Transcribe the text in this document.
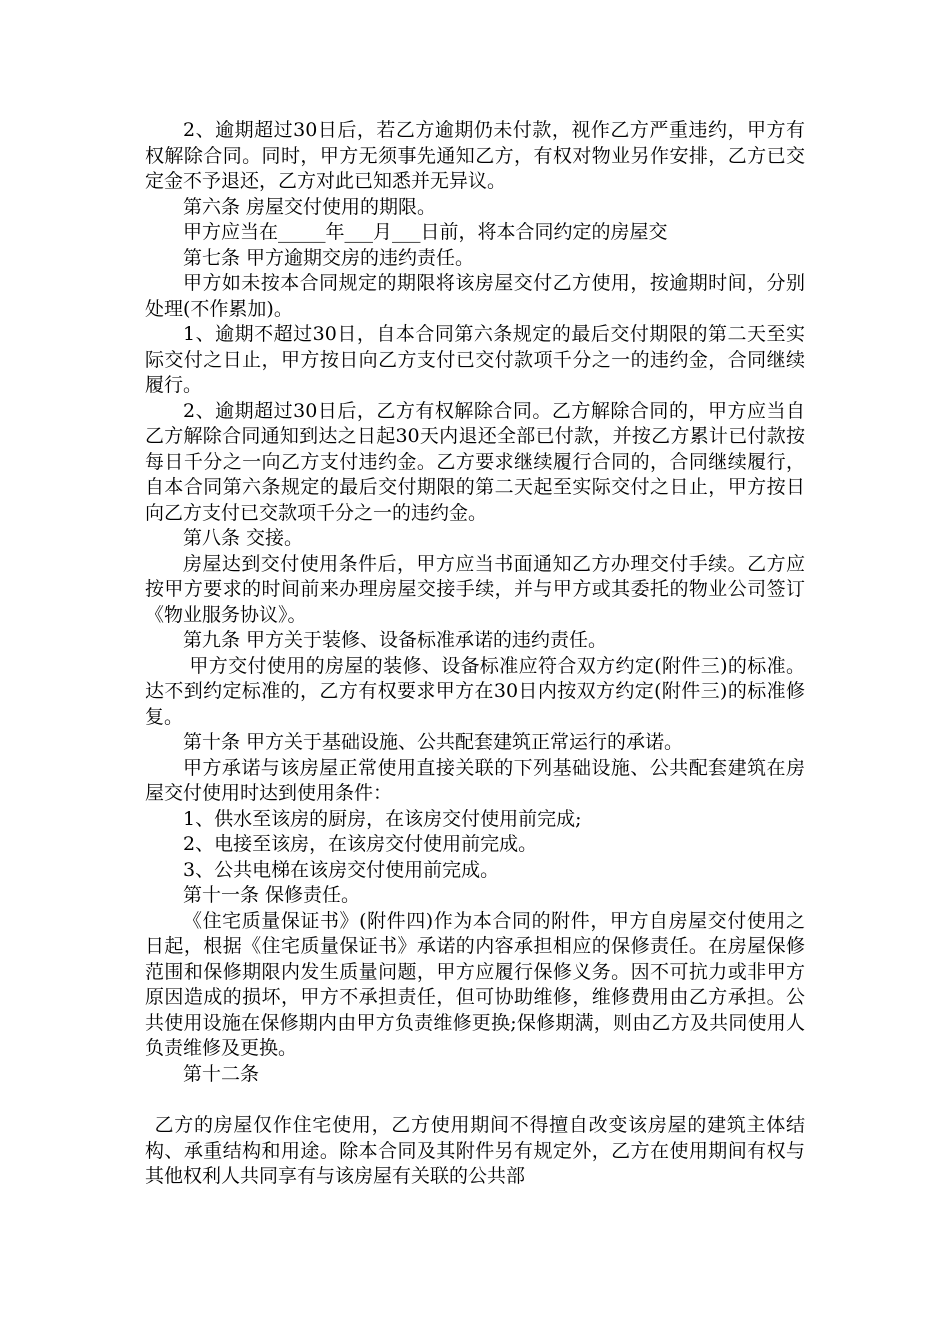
2、逾期超过30日后，若乙方逾期仍未付款，视作乙方严重违约，甲方有权解除合同。同时，甲方无须事先通知乙方，有权对物业另作安排，乙方已交定金不予退还，乙方对此已知悉并无异议。

第六条 房屋交付使用的期限。

甲方应当在_____年___月___日前，将本合同约定的房屋交

第七条 甲方逾期交房的违约责任。

甲方如未按本合同规定的期限将该房屋交付乙方使用，按逾期时间，分别处理(不作累加)。

1、逾期不超过30日，自本合同第六条规定的最后交付期限的第二天至实际交付之日止，甲方按日向乙方支付已交付款项千分之一的违约金，合同继续履行。

2、逾期超过30日后，乙方有权解除合同。乙方解除合同的，甲方应当自乙方解除合同通知到达之日起30天内退还全部已付款，并按乙方累计已付款按每日千分之一向乙方支付违约金。乙方要求继续履行合同的，合同继续履行，自本合同第六条规定的最后交付期限的第二天起至实际交付之日止，甲方按日向乙方支付已交款项千分之一的违约金。

第八条 交接。

房屋达到交付使用条件后，甲方应当书面通知乙方办理交付手续。乙方应按甲方要求的时间前来办理房屋交接手续，并与甲方或其委托的物业公司签订《物业服务协议》。

第九条 甲方关于装修、设备标准承诺的违约责任。

甲方交付使用的房屋的装修、设备标准应符合双方约定(附件三)的标准。达不到约定标准的，乙方有权要求甲方在30日内按双方约定(附件三)的标准修复。

第十条 甲方关于基础设施、公共配套建筑正常运行的承诺。

甲方承诺与该房屋正常使用直接关联的下列基础设施、公共配套建筑在房屋交付使用时达到使用条件：

1、供水至该房的厨房，在该房交付使用前完成;

2、电接至该房，在该房交付使用前完成。

3、公共电梯在该房交付使用前完成。

第十一条 保修责任。

《住宅质量保证书》(附件四)作为本合同的附件，甲方自房屋交付使用之日起，根据《住宅质量保证书》承诺的内容承担相应的保修责任。在房屋保修范围和保修期限内发生质量问题，甲方应履行保修义务。因不可抗力或非甲方原因造成的损坏，甲方不承担责任，但可协助维修，维修费用由乙方承担。公共使用设施在保修期内由甲方负责维修更换;保修期满，则由乙方及共同使用人负责维修及更换。

第十二条

乙方的房屋仅作住宅使用，乙方使用期间不得擅自改变该房屋的建筑主体结构、承重结构和用途。除本合同及其附件另有规定外，乙方在使用期间有权与其他权利人共同享有与该房屋有关联的公共部
